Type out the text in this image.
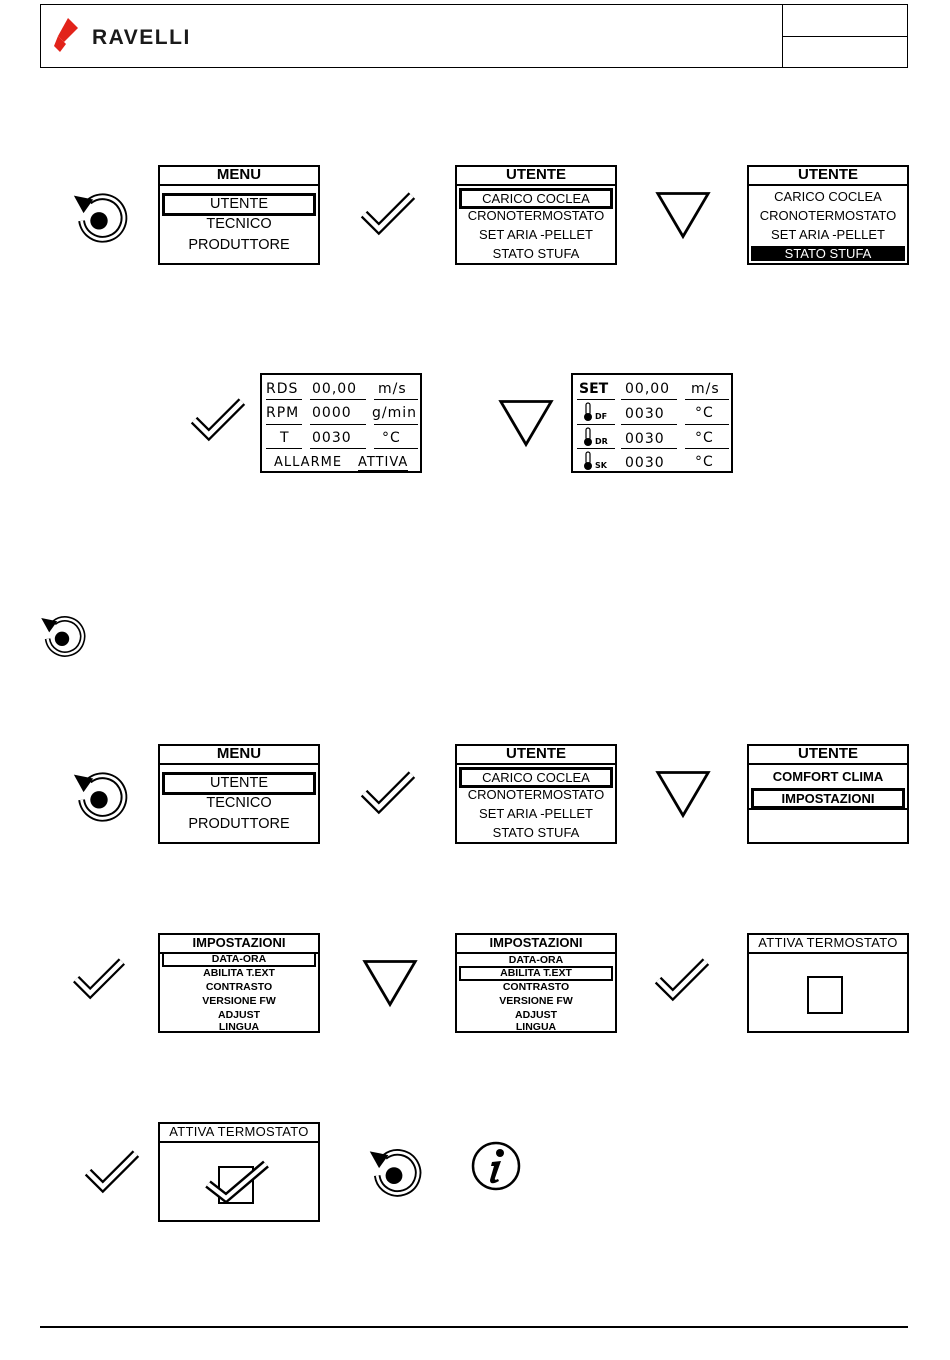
RAVELLI
MENU
UTENTE
TECNICO
PRODUTTORE
UTENTE
CARICO COCLEA
CRONOTERMOSTATO
SET ARIA -PELLET
STATO STUFA
UTENTE
CARICO COCLEA
CRONOTERMOSTATO
SET ARIA -PELLET
STATO STUFA
RDS 00,00 m/s
RPM 0000 g/min
T 0030 °C
ALLARME ATTIVA
SET 00,00 m/s
DF 0030 °C
DR 0030 °C
SK 0030 °C
MENU
UTENTE
TECNICO
PRODUTTORE
UTENTE
CARICO COCLEA
CRONOTERMOSTATO
SET ARIA -PELLET
STATO STUFA
UTENTE
COMFORT CLIMA
IMPOSTAZIONI
IMPOSTAZIONI
DATA-ORA
ABILITA T.EXT
CONTRASTO
VERSIONE FW
ADJUST
LINGUA
IMPOSTAZIONI
DATA-ORA
ABILITA T.EXT
CONTRASTO
VERSIONE FW
ADJUST
LINGUA
ATTIVA TERMOSTATO
ATTIVA TERMOSTATO
